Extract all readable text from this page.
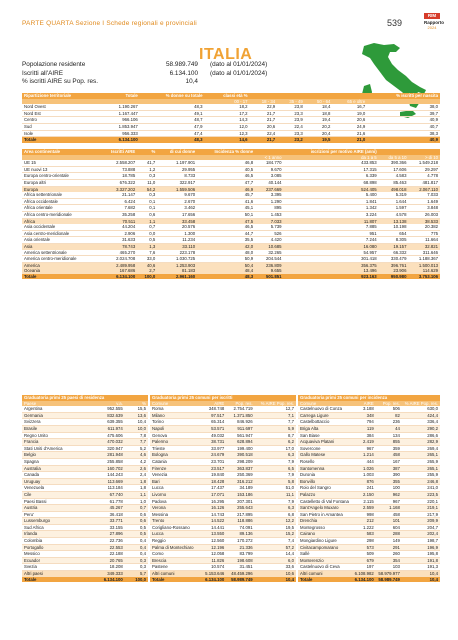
PARTE QUARTA Sezione I Schede regionali e provinciali	539
RIM
Rapporto
2024
ITALIA
Popolazione residente	58.989.749 (dato al 01/01/2024)
Iscritti all'AIRE	6.134.100 (dato al 01/01/2024)
% iscritti AIRE su Pop. res.	10,4
Ripartizione territoriale	Totale	% donne su totale	classi età %					% iscritti per nascita
			00 - 17	18 - 34	35 - 49	50 - 64	65 e oltre	
Nord Ovest	1.190.267	48,3	18,2	22,9	23,8	18,4	16,7	38,0
Nord Est	1.167.447	49,1	17,2	21,7	23,3	18,8	19,0	39,7
Centro	966.106	48,7	14,3	21,7	23,9	19,4	20,6	40,9
Sud	1.853.947	47,9	12,0	20,6	22,4	20,2	24,9	40,7
Isole	956.333	47,4	12,3	22,4	23,3	20,4	21,6	38,3
Totale	6.134.100	48,3	14,6	21,7	23,2	19,5	21,0	40,9
Area continentale	Iscritti AIRE	%	di cui donne	Incidenza % donne		iscrizioni per motivo AIRE (anni)		
					< 1 anno	da 1 a 5	da 5 a 10	> di 10
UE 15	2.558.207	41,7	1.197.901	46,8	184.770	433.853	390.366	1.549.218
UE nuovi 13	73.888	1,2	29.955	40,5	9.670	17.315	17.606	29.297
Europa centro-orientale	18.785	0,3	8.733	46,5	3.085	6.339	4.583	4.778
Europa altri	676.322	11,0	322.917	47,7	40.144	68.898	85.463	481.817
Europa	3.327.202	54,2	1.559.506	46,9	237.669	524.405	498.018	2.067.110
Africa settentrionale	21.147	0,3	9.670	45,7	3.395	5.400	5.319	7.033
Africa occidentale	6.424	0,1	2.670	41,6	1.290	1.841	1.644	1.649
Africa orientale	7.682	0,1	3.462	45,1	895	1.342	1.597	3.848
Africa centro-meridionale	35.258	0,6	17.656	50,1	1.453	3.224	4.578	26.003
Africa	70.511	1,1	33.458	47,5	7.033	11.807	13.138	38.533
Asia occidentale	44.204	0,7	20.576	46,5	5.739	7.885	10.198	20.382
Asia centro-meridionale	2.906	0,0	1.300	44,7	526	951	654	775
Asia orientale	31.633	0,5	11.234	35,5	4.420	7.244	8.305	11.664
Asia	78.743	1,3	33.110	42,0	10.685	16.080	19.157	32.821
America settentrionale	465.270	7,6	223.178	48,0	32.265	54.957	66.332	311.646
America centro-meridionale	2.024.708	33,0	1.030.725	50,9	204.544	301.418	330.479	1.188.367
America	2.489.958	40,6	1.253.903	50,4	236.809	356.375	396.761	1.500.013
Oceania	167.686	2,7	81.183	48,4	9.655	13.496	23.906	114.629
Totale	6.134.100	100,0	2.961.160	48,3	501.851	923.163	950.980	3.753.106
Graduatoria primi 25 paesi di residenza		
Paese	v.a.	%
Argentina	952.555	15,5
Germania	832.639	13,6
Svizzera	639.355	10,4
Brasile	611.974	10,0
Regno Unito	475.606	7,8
Francia	470.032	7,7
Stati Uniti d'America	320.947	5,2
Belgio	281.948	4,6
Spagna	255.858	4,2
Australia	160.702	2,6
Canada	144.243	2,4
Uruguay	113.669	1,8
Venezuela	113.184	1,8
Cile	67.740	1,1
Paesi Bassi	61.778	1,0
Austria	45.267	0,7
Peru'	36.418	0,6
Lussemburgo	33.771	0,6
Sud Africa	33.155	0,5
Irlanda	27.896	0,5
Colombia	22.736	0,4
Portogallo	22.553	0,4
Messico	22.188	0,4
Ecuador	20.765	0,3
Svezia	18.208	0,3
Altri paesi	349.333	5,7
Totale	6.134.100	100,0
Graduatoria primi 25 comuni per iscritti			
Comune	AIRE	Pop. res.	% AIRE Pop. res.
Roma	348.748	2.754.719	12,7
Milano	97.517	1.371.850	7,1
Torino	65.314	846.926	7,7
Napoli	53.571	911.697	5,9
Genova	49.032	561.947	8,7
Palermo	38.731	628.894	6,2
Trieste	33.977	199.400	17,0
Bologna	24.679	390.518	6,3
Catania	23.701	298.209	7,9
Firenze	23.517	363.837	6,5
Venezia	19.840	250.369	7,9
Bari	18.428	316.212	5,8
Lucca	17.437	34.189	51,0
Livorno	17.071	153.186	11,1
Padova	16.295	207.301	7,9
Verona	16.126	255.643	6,3
Messina	14.743	217.895	6,8
Trento	14.522	118.886	12,2
Corigliano-Rossano	14.441	74.091	19,5
Lucca	13.550	89.136	15,2
Reggio	12.560	170.272	7,4
Palma di Montechiaro	12.196	21.336	57,2
Como	12.058	83.799	14,4
Brescia	11.826	198.608	6,0
Pastene	10.574	31.451	33,6
Altri comuni	5.153.646	48.459.296	10,6
Totale	6.134.100	58.989.749	10,4
Graduatoria primi 25 comuni per incidenza			
Comune	AIRE	Pop. res.	% AIRE Pop. res.
Castelnuovo di Conza	3.188	506	630,0
Carrega Ligure	348	82	424,4
Castelbottaccio	794	236	336,4
Briga Alta	119	44	290,2
San Biase	384	134	286,6
Acquaviva Platani	2.419	855	282,9
Sovercone	967	359	269,4
Gallo Matese	1.214	458	265,1
Rosello	444	167	265,9
Santomenna	1.026	387	265,1
Duronia	1.003	390	255,9
Bonvillo	876	355	246,8
Roio del Sangro	241	100	241,0
Palazzo	2.150	962	223,5
Castelletto di Val Fontana	2.115	967	220,1
Sant'Angelo Muxaro	2.559	1.168	219,1
San Pietro in Amantea	998	458	217,9
Drenchia	212	101	209,9
Montegrosso	1.222	604	204,7
Cairano	583	288	202,4
Mongiardino Ligure	298	149	198,7
Civitacampomarano	573	291	196,9
Sallè	509	260	195,8
Monterenzio	679	354	191,8
Castelnuovo di Ceva	197	103	191,3
Altri comuni	6.108.982	58.979.977	10,4
Totale	6.134.100	58.989.749	10,4
